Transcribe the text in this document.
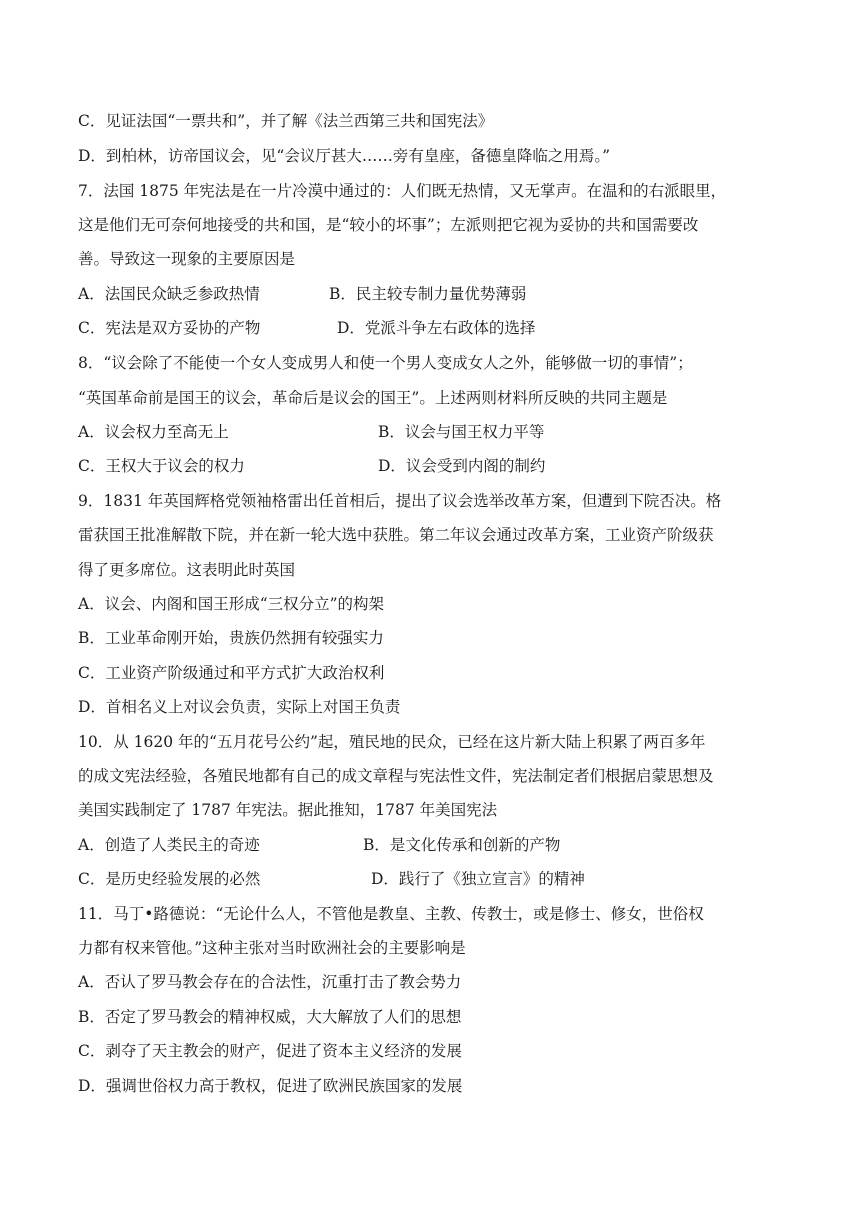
C．见证法国“一票共和”，并了解《法兰西第三共和国宪法》
D．到柏林，访帝国议会，见“会议厅甚大……旁有皇座，备德皇降临之用焉。”
7．法国 1875 年宪法是在一片冷漠中通过的：人们既无热情，又无掌声。在温和的右派眼里，
这是他们无可奈何地接受的共和国，是“较小的坏事”；左派则把它视为妥协的共和国需要改
善。导致这一现象的主要原因是
A．法国民众缺乏参政热情	B．民主较专制力量优势薄弱
C．宪法是双方妥协的产物	D．党派斗争左右政体的选择
8．“议会除了不能使一个女人变成男人和使一个男人变成女人之外，能够做一切的事情”；
“英国革命前是国王的议会，革命后是议会的国王”。上述两则材料所反映的共同主题是
A．议会权力至高无上	B．议会与国王权力平等
C．王权大于议会的权力	D．议会受到内阁的制约
9．1831 年英国辉格党领袖格雷出任首相后，提出了议会选举改革方案，但遭到下院否决。格
雷获国王批准解散下院，并在新一轮大选中获胜。第二年议会通过改革方案，工业资产阶级获
得了更多席位。这表明此时英国
A．议会、内阁和国王形成“三权分立”的构架
B．工业革命刚开始，贵族仍然拥有较强实力
C．工业资产阶级通过和平方式扩大政治权利
D．首相名义上对议会负责，实际上对国王负责
10．从 1620 年的“五月花号公约”起，殖民地的民众，已经在这片新大陆上积累了两百多年
的成文宪法经验，各殖民地都有自己的成文章程与宪法性文件，宪法制定者们根据启蒙思想及
美国实践制定了 1787 年宪法。据此推知，1787 年美国宪法
A．创造了人类民主的奇迹	B．是文化传承和创新的产物
C．是历史经验发展的必然	D．践行了《独立宣言》的精神
11．马丁•路德说：“无论什么人，不管他是教皇、主教、传教士，或是修士、修女，世俗权
力都有权来管他。”这种主张对当时欧洲社会的主要影响是
A．否认了罗马教会存在的合法性，沉重打击了教会势力
B．否定了罗马教会的精神权威，大大解放了人们的思想
C．剥夺了天主教会的财产，促进了资本主义经济的发展
D．强调世俗权力高于教权，促进了欧洲民族国家的发展
